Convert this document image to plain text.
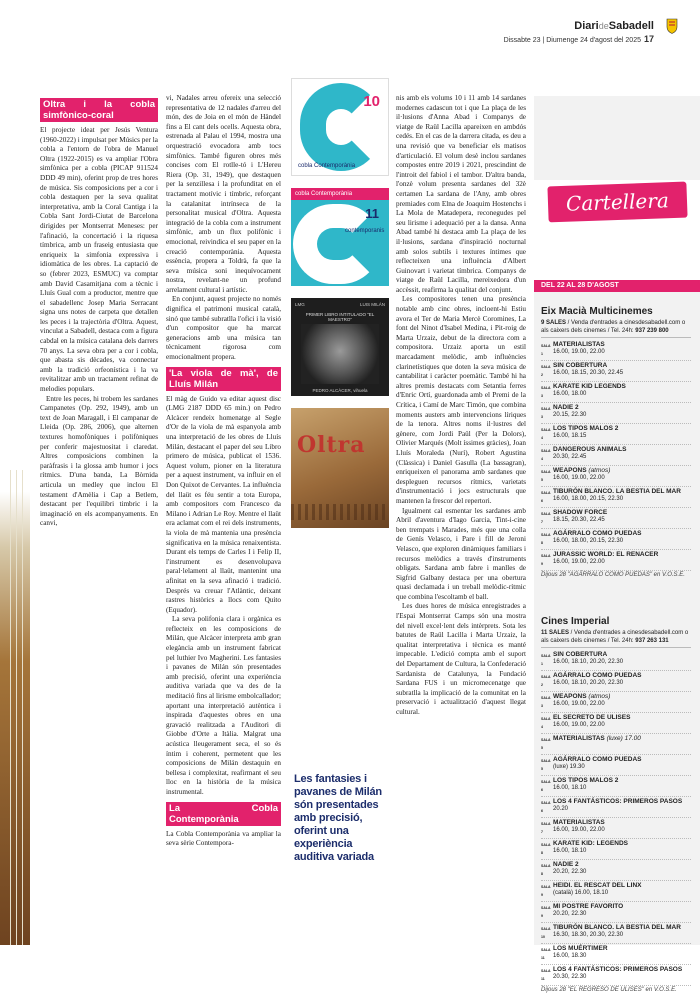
DiarideSabadell
Dissabte 23 | Diumenge 24 d'agost del 2025 17
Oltra i la cobla simfònico-coral

El projecte ideat per Jesús Ventura (1960-2022) i impulsat per Músics per la cobla a l'entorn de l'obra de Manuel Oltra (1922-2015) es va ampliar l'Obra simfònica per a cobla (PICAP 911524 DDD 49 min), oferint prop de tres hores de música. Sis composicions per a cor i cobla destaquen per la seva qualitat interpretativa, amb la Coral Cantiga i la Cobla Sant Jordi-Ciutat de Barcelona dirigides per Montserrat Meneses: per l'afinació, la concertació i la riquesa tímbrica, amb un fraseig entusiasta que enriqueix la simfonia expressiva i idiomàtica de les obres. La captació de so (febrer 2023, ESMUC) va comptar amb David Casamitjana com a tècnic i Lluís Gual com a productor, mentre que el sabadellenc Josep Maria Serracant signa uns notes de carpeta que detallen les peces i la trajectòria d'Oltra. Aquest, vinculat a Sabadell, destaca com a figura cabdal en la música catalana dels darrers 70 anys. La seva obra per a cor i cobla, que abasta sis dècades, va connectar amb la tradició orfeonística i la va revitalitzar amb un tractament refinat de melodies populars.

Entre les peces, hi trobem les sardanes Campanetes (Op. 292, 1949), amb un text de Joan Maragall, i El campanar de Lleida (Op. 286, 2006), que alternen textures homofòniques i polifòniques per conferir majestuositat i claredat. Altres composicions combinen la paràfrasis i la glossa amb humor i jocs rítmics. D'una banda, La Bòrnida articula un medley que inclou El testament d'Amèlia i Cap a Betlem, destacant per l'equilibri timbric i la imaginació en els acompanyaments. En canvi,

vi, Nadales arreu ofereix una selecció representativa de 12 nadales d'arreu del món, des de Joia en el món de Händel fins a El cant dels ocells. Aquesta obra, estrenada al Palau el 1994, mostra una orquestració evocadora amb tocs simfònics. També figuren obres més concises com El rotlle-tó i L'Hereu Riera (Op. 31, 1949), que destaquen per la senzillesa i la profunditat en el tractament motívic i tímbric, reforçant la catalanitat intrínseca de la personalitat musical d'Oltra. Aquesta integració de la cobla com a instrument simfònic, amb un flux polifònic i emocional, reivindica el seu paper en la creació contemporània. Aquesta essència, propera a Toldrà, fa que la seva música soni inequívocament nostra, revelant-ne un profund arrelament cultural i artístic.

En conjunt, aquest projecte no només dignifica el patrimoni musical català, sinó que també subratlla l'ofici i la visió d'un compositor que ha marcat generacions amb una música tan tècnicament rigorosa com emocionalment propera.

'La viola de mà', de Lluís Milán

El màg de Guido va editar aquest disc (LMG 2187 DDD 65 min.) on Pedro Alcàcer rendeix homenatge al Segle d'Or de la viola de mà espanyola amb una interpretació de les obres de Lluís Milán, destacant el paper del seu Libro primero de música, publicat el 1536. Aquest volum, pioner en la literatura per a aquest instrument, va influir en el Don Quixot de Cervantes. La influència del llaüt es féu sentir a tota Europa, amb compositors com Francesco da Milano i Adrian Le Roy. Mentre el llaüt era aclamat com el rei dels instruments, la viola de mà mantenia una presència significativa en la música renaixentista. Durant els temps de Carles I i Felip II, l'instrument es desenvolupava paral·lelament al llaüt, mantenint una afinitat en la seva afinació i tradició. Després va creuar l'Atlàntic, deixant rastres històrics a llocs com Quito (Equador).

La seva polifonia clara i orgànica es reflecteix en les composicions de Milán, que Alcàcer interpreta amb gran elegància amb un instrument fabricat pel luthier Ivo Magherini. Les fantasies i pavanes de Milán són presentades amb precisió, oferint una experiència auditiva variada que va des de la meditació fins al lirisme embolcallador; aportant una interpretació autèntica i inspirada d'aquestes obres en una gravació realitzada a l'Auditori di Giobbe d'Orte a Itàlia. Malgrat una acústica lleugerament seca, el so és íntim i coherent, permetent que les composicions de Milán destaquin en bellesa i complexitat, reafirmant el seu lloc en la història de la música instrumental.

La Cobla Contemporània

La Cobla Contemporània va ampliar la seva sèrie Contempora-

10
cobla Contemporània
cobla Contemporània
11
contemporanis
LMG	LUIS MILÁN
PRIMER LIBRO INTITULADO "EL MAESTRO"
PEDRO ALCÀCER, vihuela
Oltra
Les fantasies i pavanes de Milán són presentades amb precisió, oferint una experiència auditiva variada

nis amb els volums 10 i 11 amb 14 sardanes modernes cadascun tot i que La plaça de les il·lusions d'Anna Abad i Companys de viatge de Raül Lacilla apareixen en ambdós cedés. En el cas de la darrera citada, es deu a una revisió que va beneficiar els matisos d'articulació. El volum desè inclou sardanes compostes entre 2019 i 2021, prescindint de l'introit del fabiol i el tambor. D'altra banda, l'onzè volum presenta sardanes del 32è certamen La sardana de l'Any, amb obres premiades com Elna de Joaquim Hostenchs i La Mola de Matadepera, reconegudes pel seu lirisme i adequació per a la dansa. Anna Abad també hi destaca amb La plaça de les il·lusions, sardana d'inspiració nocturnal amb solos subtils i textures íntimes que reflecteixen una influència d'Albert Guinovart i varietat tímbrica. Companys de viatge de Raül Lacilla, mereixedora d'un accèssit, reafirma la qualitat del conjunt.

Les compositores tenen una presència notable amb cinc obres, incloent-hi Estiu avora el Ter de Maria Mercè Coromines, La font del Ninot d'Isabel Medina, i Pit-roig de Marta Urzaiz, debut de la directora com a compositora. Urzaiz aporta un estil marcadament melòdic, amb influències clarinetístiques que doten la seva música de cantabilitat i caràcter poemàtic. També hi ha altres premis destacats com Setantia ferres d'Enric Ortí, guardonada amb el Premi de la Crítica, i Camí de Marc Timón, que combina moments austers amb intervencions líriques de la tenora. Altres noms il·lustres del gènere, com Jordi Paül (Per la Dolors), Olivier Marqués (Molt íssimes gràcies), Joan Lluís Moraleda (Nurí), Robert Agustina (Clàssica) i Daniel Gasulla (La bassagran), enriqueixen el panorama amb sardanes que despleguen recursos rítmics, varietats d'instrumentació i jocs estructurals que mantenen la frescor del repertori.

Igualment cal esmentar les sardanes amb Abril d'aventura d'Iago Garcia, Tint-i-cine ben trempats i Marades, més que una colla de Genís Velasco, i Pare i fill de Jeroni Velasco, que exploren dinàmiques familiars i recursos melòdics a través d'instruments obligats. Sardana amb fabre i manlles de Sigfrid Galbany destaca per una obertura quasi declamada i un treball melòdic-rítmic que combina l'escoltamb el ball.

Les dues hores de música enregistrades a l'Espai Montserrat Camps són una mostra del nivell excel·lent dels intèrprets. Sota les batutes de Raül Lacilla i Marta Urzaiz, la qualitat interpretativa i tècnica es manté impecable. L'edició compta amb el suport del Departament de Cultura, la Confederació Sardanista de Catalunya, la Fundació Sardana FUS i un micromecenatge que subratlla la implicació de la comunitat en la preservació i actualització d'aquest llegat cultural.

Cartellera
DEL 22 AL 28 D'AGOST
Eix Macià Multicinemes
9 SALES / Venda d'entrades a cinesdesabadell.com o als caixers dels cinemes / Tel. 24h: 937 239 800
SALA 1
MATERIALISTAS
16.00, 19.00, 22.00
SALA 2
SIN COBERTURA
16.00, 18.15, 20.30, 22.45
SALA 3
KARATE KID LEGENDS
16.00, 18.00
SALA 3
NADIE 2
20.15, 22.30
SALA 4
LOS TIPOS MALOS 2
16.00, 18.15
SALA 4
DANGEROUS ANIMALS
20.30, 22.45
SALA 5
WEAPONS (atmos)
16.00, 19.00, 22.00
SALA 6
TIBURÓN BLANCO. LA BESTIA DEL MAR
16.00, 18.00, 20.15, 22.30
SALA 7
SHADOW FORCE
18.15, 20.30, 22.45
SALA 8
AGÁRRALO COMO PUEDAS
16.00, 18.00, 20.15, 22.30
SALA 9
JURASSIC WORLD: EL RENACER
16.00, 19.00, 22.00
Dijous 28 "AGÁRRALO COMO PUEDAS" en V.O.S.E.
Cines Imperial
11 SALES / Venda d'entrades a cinesdesabadell.com o als caixers dels cinemes / Tel. 24h: 937 263 131
SALA 1
SIN COBERTURA
16.00, 18.10, 20.20, 22.30
SALA 2
AGÁRRALO COMO PUEDAS
16.00, 18.10, 20.20, 22.30
SALA 3
WEAPONS (atmos)
16.00, 19.00, 22.00
SALA 4
EL SECRETO DE ULISES
16.00, 19.00, 22.00
SALA 5
MATERIALISTAS (luxe) 17.00
SALA 5
AGÁRRALO COMO PUEDAS
(luxe) 19.30
SALA 6
LOS TIPOS MALOS 2
16.00, 18.10
SALA 6
LOS 4 FANTÁSTICOS: PRIMEROS PASOS
20.20
SALA 7
MATERIALISTAS
16.00, 19.00, 22.00
SALA 8
KARATE KID: LEGENDS
16.00, 18.10
SALA 8
NADIE 2
20.20, 22.30
SALA 9
HEIDI. EL RESCAT DEL LINX
(català) 16.00, 18.10
SALA 9
MI POSTRE FAVORITO
20.20, 22.30
SALA 10
TIBURÓN BLANCO. LA BESTIA DEL MAR
16.30, 18.30, 20.30, 22.30
SALA 11
LOS MUÉRTIMER
16.00, 18.30
SALA 11
LOS 4 FANTÁSTICOS: PRIMEROS PASOS
20.30, 22.30
Dijous 28 "EL REGRESO DE ULISES" en V.O.S.E.
